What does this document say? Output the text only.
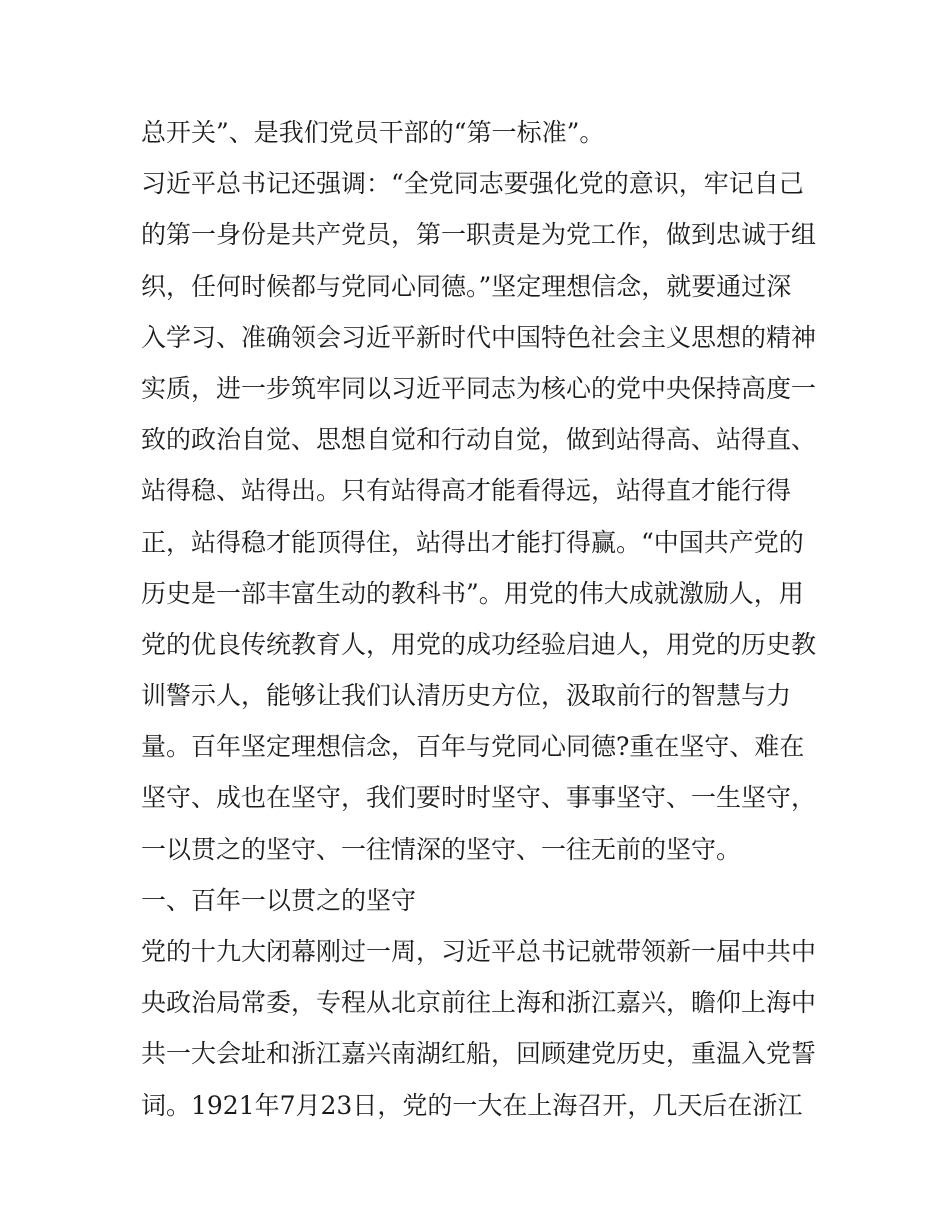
总开关”、是我们党员干部的“第一标准”。
习近平总书记还强调：“全党同志要强化党的意识，牢记自己
的第一身份是共产党员，第一职责是为党工作，做到忠诚于组
织，任何时候都与党同心同德。”坚定理想信念，就要通过深
入学习、准确领会习近平新时代中国特色社会主义思想的精神
实质，进一步筑牢同以习近平同志为核心的党中央保持高度一
致的政治自觉、思想自觉和行动自觉，做到站得高、站得直、
站得稳、站得出。只有站得高才能看得远，站得直才能行得
正，站得稳才能顶得住，站得出才能打得赢。“中国共产党的
历史是一部丰富生动的教科书”。用党的伟大成就激励人，用
党的优良传统教育人，用党的成功经验启迪人，用党的历史教
训警示人，能够让我们认清历史方位，汲取前行的智慧与力
量。百年坚定理想信念，百年与党同心同德?重在坚守、难在
坚守、成也在坚守，我们要时时坚守、事事坚守、一生坚守，
一以贯之的坚守、一往情深的坚守、一往无前的坚守。
一、百年一以贯之的坚守
党的十九大闭幕刚过一周，习近平总书记就带领新一届中共中
央政治局常委，专程从北京前往上海和浙江嘉兴，瞻仰上海中
共一大会址和浙江嘉兴南湖红船，回顾建党历史，重温入党誓
词。1921年7月23日，党的一大在上海召开，几天后在浙江
